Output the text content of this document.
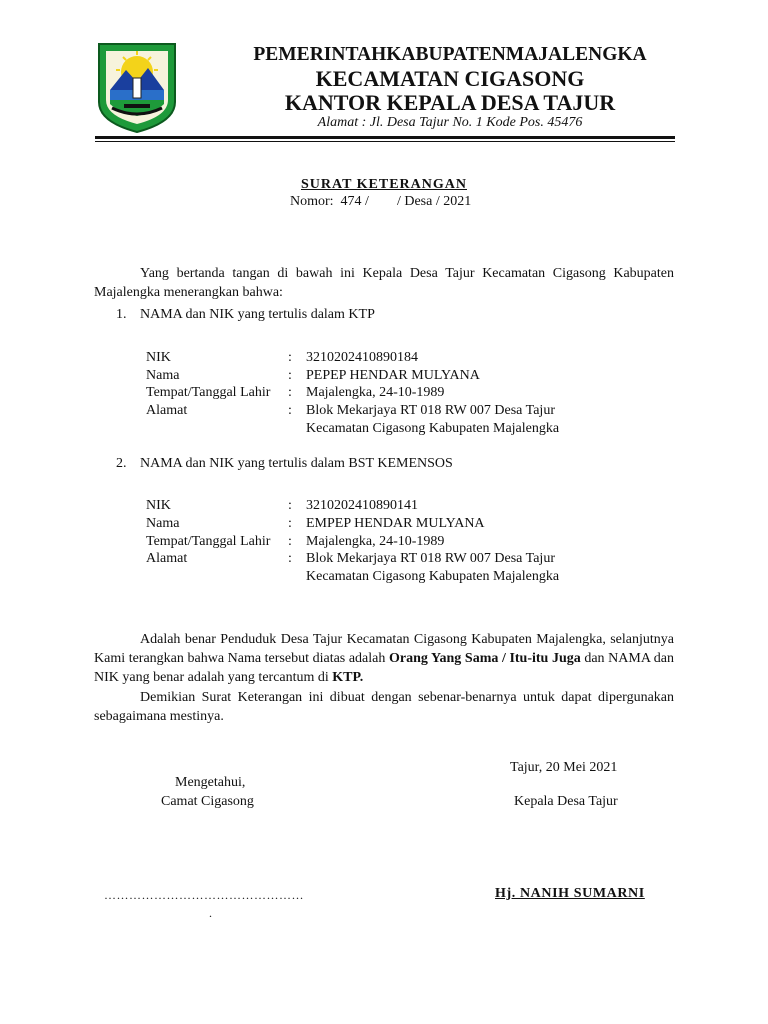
PEMERINTAHKABUPATENMAJALENGKA
KECAMATAN CIGASONG
KANTOR KEPALA DESA TAJUR
Alamat : Jl. Desa Tajur No. 1 Kode Pos. 45476
SURAT KETERANGAN
Nomor:  474 /        / Desa / 2021
Yang bertanda tangan di bawah ini Kepala Desa Tajur Kecamatan Cigasong Kabupaten Majalengka menerangkan bahwa:
1. NAMA dan NIK yang tertulis dalam KTP
NIK	:	3210202410890184
Nama	:	PEPEP HENDAR MULYANA
Tempat/Tanggal Lahir	:	Majalengka, 24-10-1989
Alamat	:	Blok Mekarjaya RT 018 RW 007 Desa Tajur
Kecamatan Cigasong Kabupaten Majalengka
2. NAMA dan NIK yang tertulis dalam BST KEMENSOS
NIK	:	3210202410890141
Nama	:	EMPEP HENDAR MULYANA
Tempat/Tanggal Lahir	:	Majalengka, 24-10-1989
Alamat	:	Blok Mekarjaya RT 018 RW 007 Desa Tajur
Kecamatan Cigasong Kabupaten Majalengka
Adalah benar Penduduk Desa Tajur Kecamatan Cigasong Kabupaten Majalengka, selanjutnya Kami terangkan bahwa Nama tersebut diatas adalah Orang Yang Sama / Itu-itu Juga dan NAMA dan NIK yang benar adalah yang tercantum di KTP.
Demikian Surat Keterangan ini dibuat dengan sebenar-benarnya untuk dapat dipergunakan sebagaimana mestinya.
Tajur, 20 Mei 2021
Mengetahui,
Camat Cigasong	Kepala Desa Tajur
…………………………………………
.
Hj. NANIH SUMARNI
